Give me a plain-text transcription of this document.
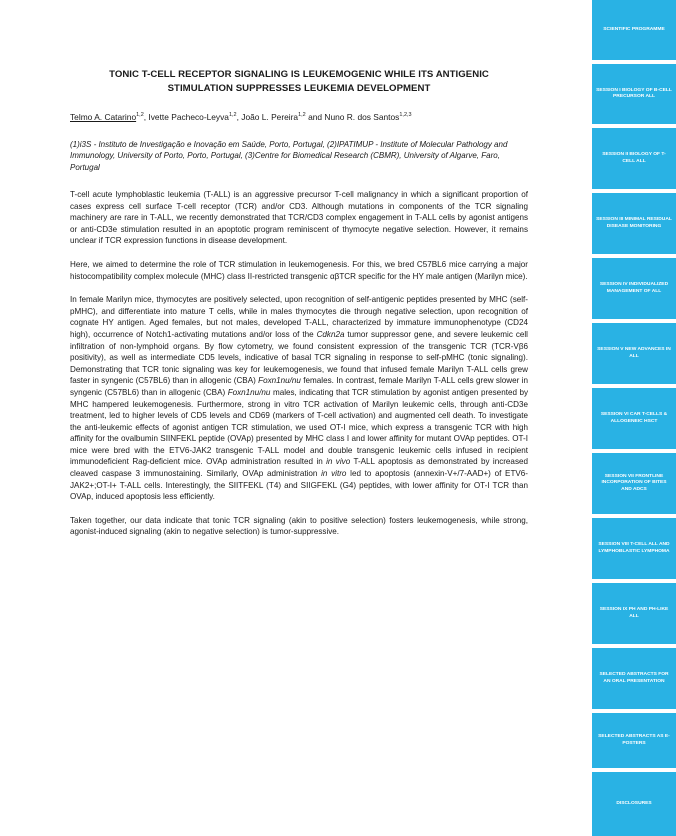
TONIC T-CELL RECEPTOR SIGNALING IS LEUKEMOGENIC WHILE ITS ANTIGENIC
STIMULATION SUPPRESSES LEUKEMIA DEVELOPMENT
Telmo A. Catarino$^{1,2}$, Ivette Pacheco-Leyva$^{1,2}$, João L. Pereira$^{1,2}$ and Nuno R. dos Santos$^{1,2,3}$
(1)i3S - Instituto de Investigação e Inovação em Saúde, Porto, Portugal, (2)IPATIMUP - Institute of Molecular Pathology and Immunology, University of Porto, Porto, Portugal, (3)Centre for Biomedical Research (CBMR), University of Algarve, Faro, Portugal

T-cell acute lymphoblastic leukemia (T-ALL) is an aggressive precursor T-cell malignancy in which a significant proportion of cases express cell surface T-cell receptor (TCR) and/or CD3. Although mutations in components of the TCR signaling machinery are rare in T-ALL, we recently demonstrated that TCR/CD3 complex engagement in T-ALL cells by agonist antigens or anti-CD3e stimulation resulted in an apoptotic program reminiscent of thymocyte negative selection. However, it remains unclear if TCR expression functions in disease development.

Here, we aimed to determine the role of TCR stimulation in leukemogenesis. For this, we bred C57BL6 mice carrying a major histocompatibility complex molecule (MHC) class II-restricted transgenic αβTCR specific for the HY male antigen (Marilyn mice).

In female Marilyn mice, thymocytes are positively selected, upon recognition of self-antigenic peptides presented by MHC (self-pMHC), and differentiate into mature T cells, while in males thymocytes die through negative selection, upon recognition of cognate HY antigen. Aged females, but not males, developed T-ALL, characterized by immature immunophenotype (CD24 high), occurrence of Notch1-activating mutations and/or loss of the Cdkn2a tumor suppressor gene, and severe leukemic cell infiltration of non-lymphoid organs. By flow cytometry, we found consistent expression of the transgenic TCR (TCR-Vβ6 positivity), as well as intermediate CD5 levels, indicative of basal TCR signaling in response to self-pMHC (tonic signaling). Demonstrating that TCR tonic signaling was key for leukemogenesis, we found that infused female Marilyn T-ALL cells grew faster in syngenic (C57BL6) than in allogenic (CBA) Foxn1nu/nu females. In contrast, female Marilyn T-ALL cells grew slower in syngenic (C57BL6) than in allogenic (CBA) Foxn1nu/nu males, indicating that TCR stimulation by agonist antigen presented by MHC hampered leukemogenesis. Furthermore, strong in vitro TCR activation of Marilyn leukemic cells, through anti-CD3e treatment, led to higher levels of CD5 levels and CD69 (markers of T-cell activation) and augmented cell death. To investigate the anti-leukemic effects of agonist antigen TCR stimulation, we used OT-I mice, which express a transgenic TCR with high affinity for the ovalbumin SIINFEKL peptide (OVAp) presented by MHC class I and lower affinity for mutant OVAp peptides. OT-I mice were bred with the ETV6-JAK2 transgenic T-ALL model and double transgenic leukemic cells infused in recipient immunodeficient Rag-deficient mice. OVAp administration resulted in in vivo T-ALL apoptosis as demonstrated by increased cleaved caspase 3 immunostaining. Similarly, OVAp administration in vitro led to apoptosis (annexin-V+/7-AAD+) of ETV6-JAK2+;OT-I+ T-ALL cells. Interestingly, the SIITFEKL (T4) and SIIGFEKL (G4) peptides, with lower affinity for OT-I TCR than OVAp, induced apoptosis less efficiently.

Taken together, our data indicate that tonic TCR signaling (akin to positive selection) fosters leukemogenesis, while strong, agonist-induced signaling (akin to negative selection) is tumor-suppressive.

SCIENTIFIC PROGRAMME
SESSION I BIOLOGY OF B-CELL PRECURSOR ALL
SESSION II BIOLOGY OF T-CELL ALL
SESSION III MINIMAL RESIDUAL DISEASE MONITORING
SESSION IV INDIVIDUALIZED MANAGEMENT OF ALL
SESSION V NEW ADVANCES IN ALL
SESSION VI CAR T-CELLS & ALLOGENEIC HSCT
SESSION VII FRONTLINE INCORPORATION OF BITES AND ADCS
SESSION VIII T-CELL ALL AND LYMPHOBLASTIC LYMPHOMA
SESSION IX PH AND PH-LIKE ALL
SELECTED ABSTRACTS FOR AN ORAL PRESENTATION
SELECTED ABSTRACTS AS E-POSTERS
DISCLOSURES
